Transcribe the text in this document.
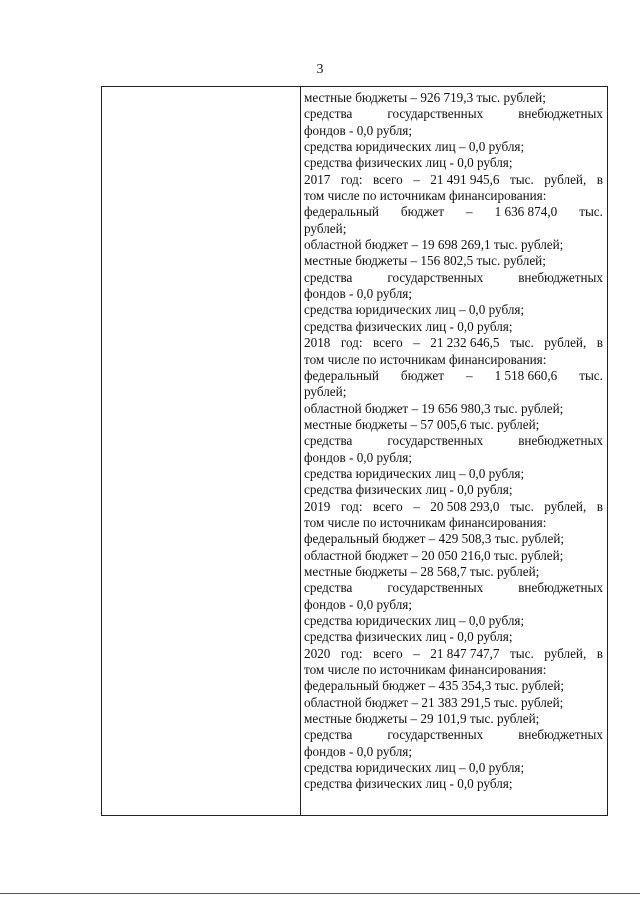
3
местные бюджеты – 926 719,3 тыс. рублей;
средства	государственных	внебюджетных
фондов - 0,0 рубля;
средства юридических лиц – 0,0 рубля;
средства физических лиц - 0,0 рубля;
2017 год: всего – 21 491 945,6 тыс. рублей, в
том числе по источникам финансирования:
федеральный бюджет – 1 636 874,0 тыс.
рублей;
областной бюджет – 19 698 269,1 тыс. рублей;
местные бюджеты – 156 802,5 тыс. рублей;
средства	государственных	внебюджетных
фондов - 0,0 рубля;
средства юридических лиц – 0,0 рубля;
средства физических лиц - 0,0 рубля;
2018 год: всего – 21 232 646,5 тыс. рублей, в
том числе по источникам финансирования:
федеральный бюджет – 1 518 660,6 тыс.
рублей;
областной бюджет – 19 656 980,3 тыс. рублей;
местные бюджеты – 57 005,6 тыс. рублей;
средства	государственных	внебюджетных
фондов - 0,0 рубля;
средства юридических лиц – 0,0 рубля;
средства физических лиц - 0,0 рубля;
2019 год: всего – 20 508 293,0 тыс. рублей, в
том числе по источникам финансирования:
федеральный бюджет – 429 508,3 тыс. рублей;
областной бюджет – 20 050 216,0 тыс. рублей;
местные бюджеты – 28 568,7 тыс. рублей;
средства	государственных	внебюджетных
фондов - 0,0 рубля;
средства юридических лиц – 0,0 рубля;
средства физических лиц - 0,0 рубля;
2020 год: всего – 21 847 747,7 тыс. рублей, в
том числе по источникам финансирования:
федеральный бюджет – 435 354,3 тыс. рублей;
областной бюджет – 21 383 291,5 тыс. рублей;
местные бюджеты – 29 101,9 тыс. рублей;
средства	государственных	внебюджетных
фондов - 0,0 рубля;
средства юридических лиц – 0,0 рубля;
средства физических лиц - 0,0 рубля;
